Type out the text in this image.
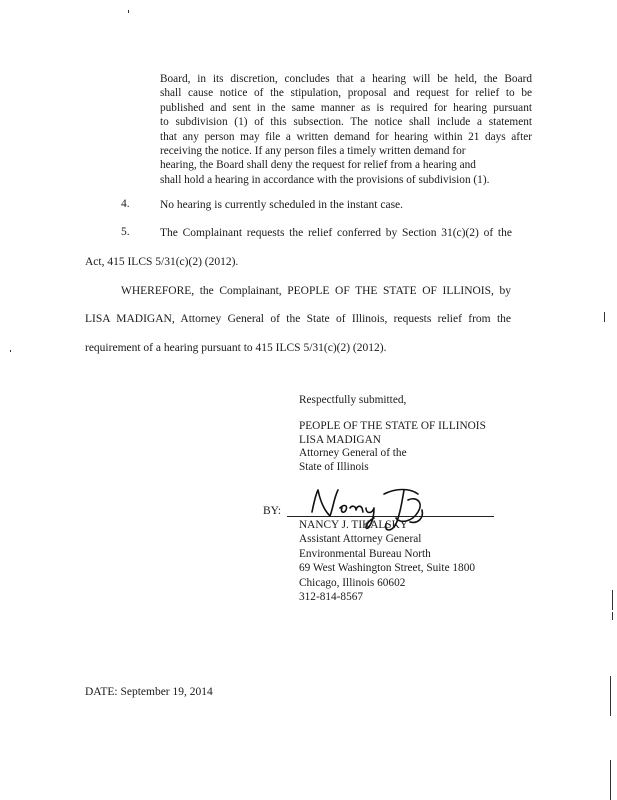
Board, in its discretion, concludes that a hearing will be held, the Board
shall cause notice of the stipulation, proposal and request for relief to be
published and sent in the same manner as is required for hearing pursuant
to subdivision (1) of this subsection. The notice shall include a statement
that any person may file a written demand for hearing within 21 days after
receiving the notice. If any person files a timely written demand for
hearing, the Board shall deny the request for relief from a hearing and
shall hold a hearing in accordance with the provisions of subdivision (1).
4.	No hearing is currently scheduled in the instant case.
5.	The Complainant requests the relief conferred by Section 31(c)(2) of the
Act, 415 ILCS 5/31(c)(2) (2012).
WHEREFORE, the Complainant, PEOPLE OF THE STATE OF ILLINOIS, by
LISA MADIGAN, Attorney General of the State of Illinois, requests relief from the
requirement of a hearing pursuant to 415 ILCS 5/31(c)(2) (2012).
Respectfully submitted,
PEOPLE OF THE STATE OF ILLINOIS
LISA MADIGAN
Attorney General of the
State of Illinois
BY:
NANCY J. TIKALSKY
Assistant Attorney General
Environmental Bureau North
69 West Washington Street, Suite 1800
Chicago, Illinois 60602
312-814-8567
DATE: September 19, 2014
